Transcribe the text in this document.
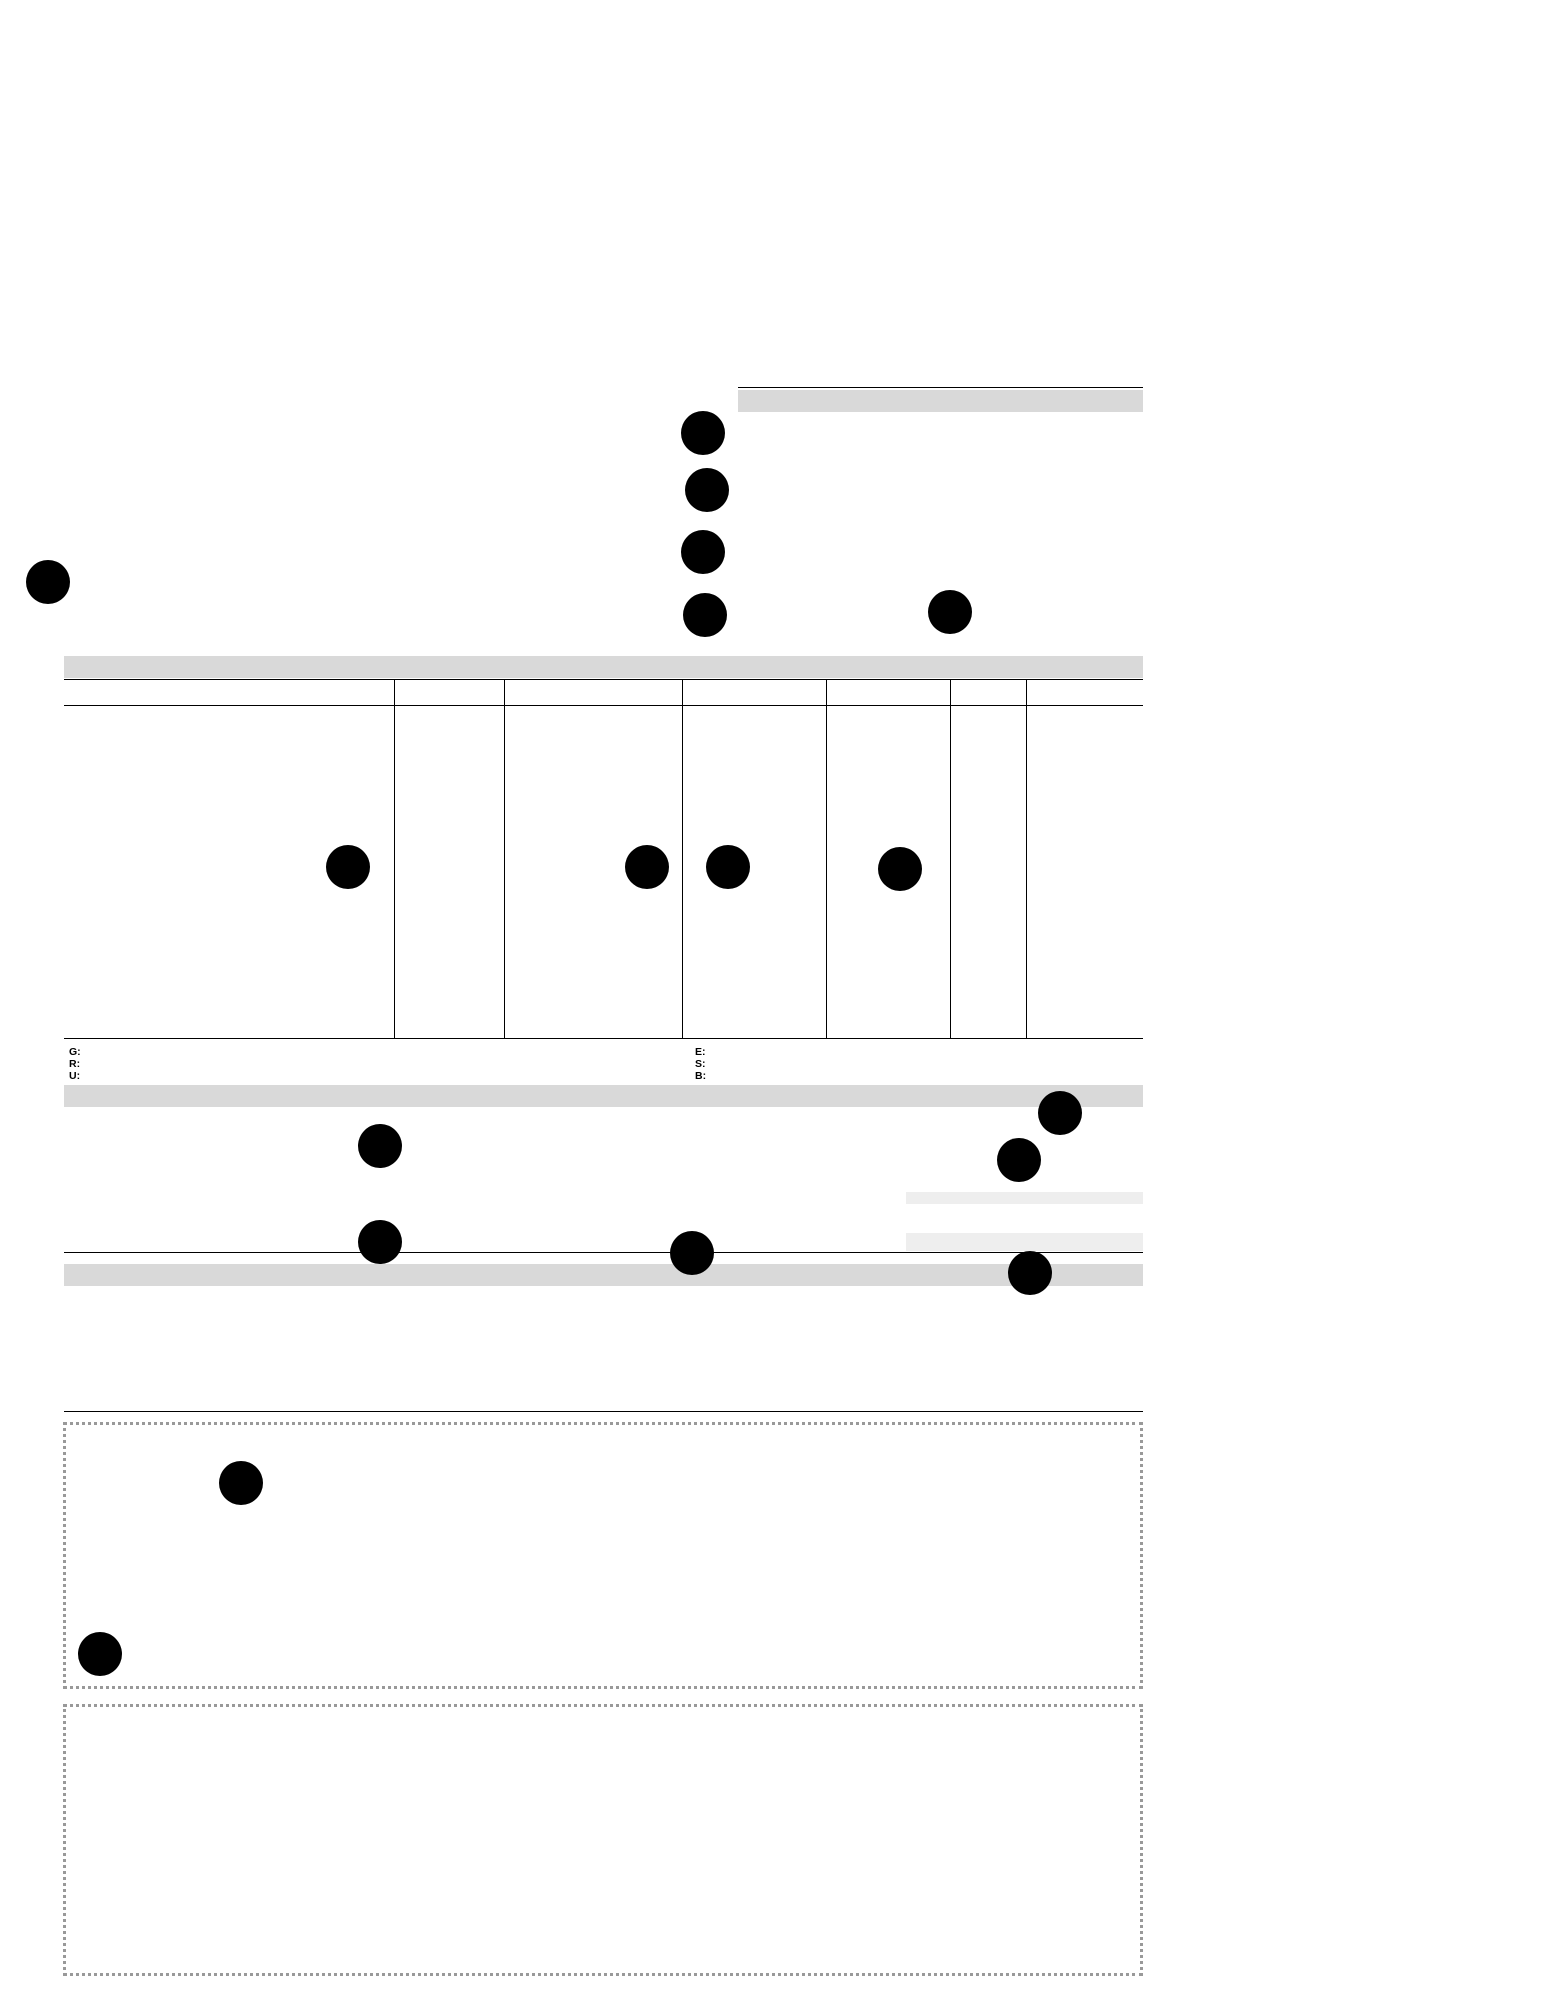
G:
R:
U:
E:
S:
B:
